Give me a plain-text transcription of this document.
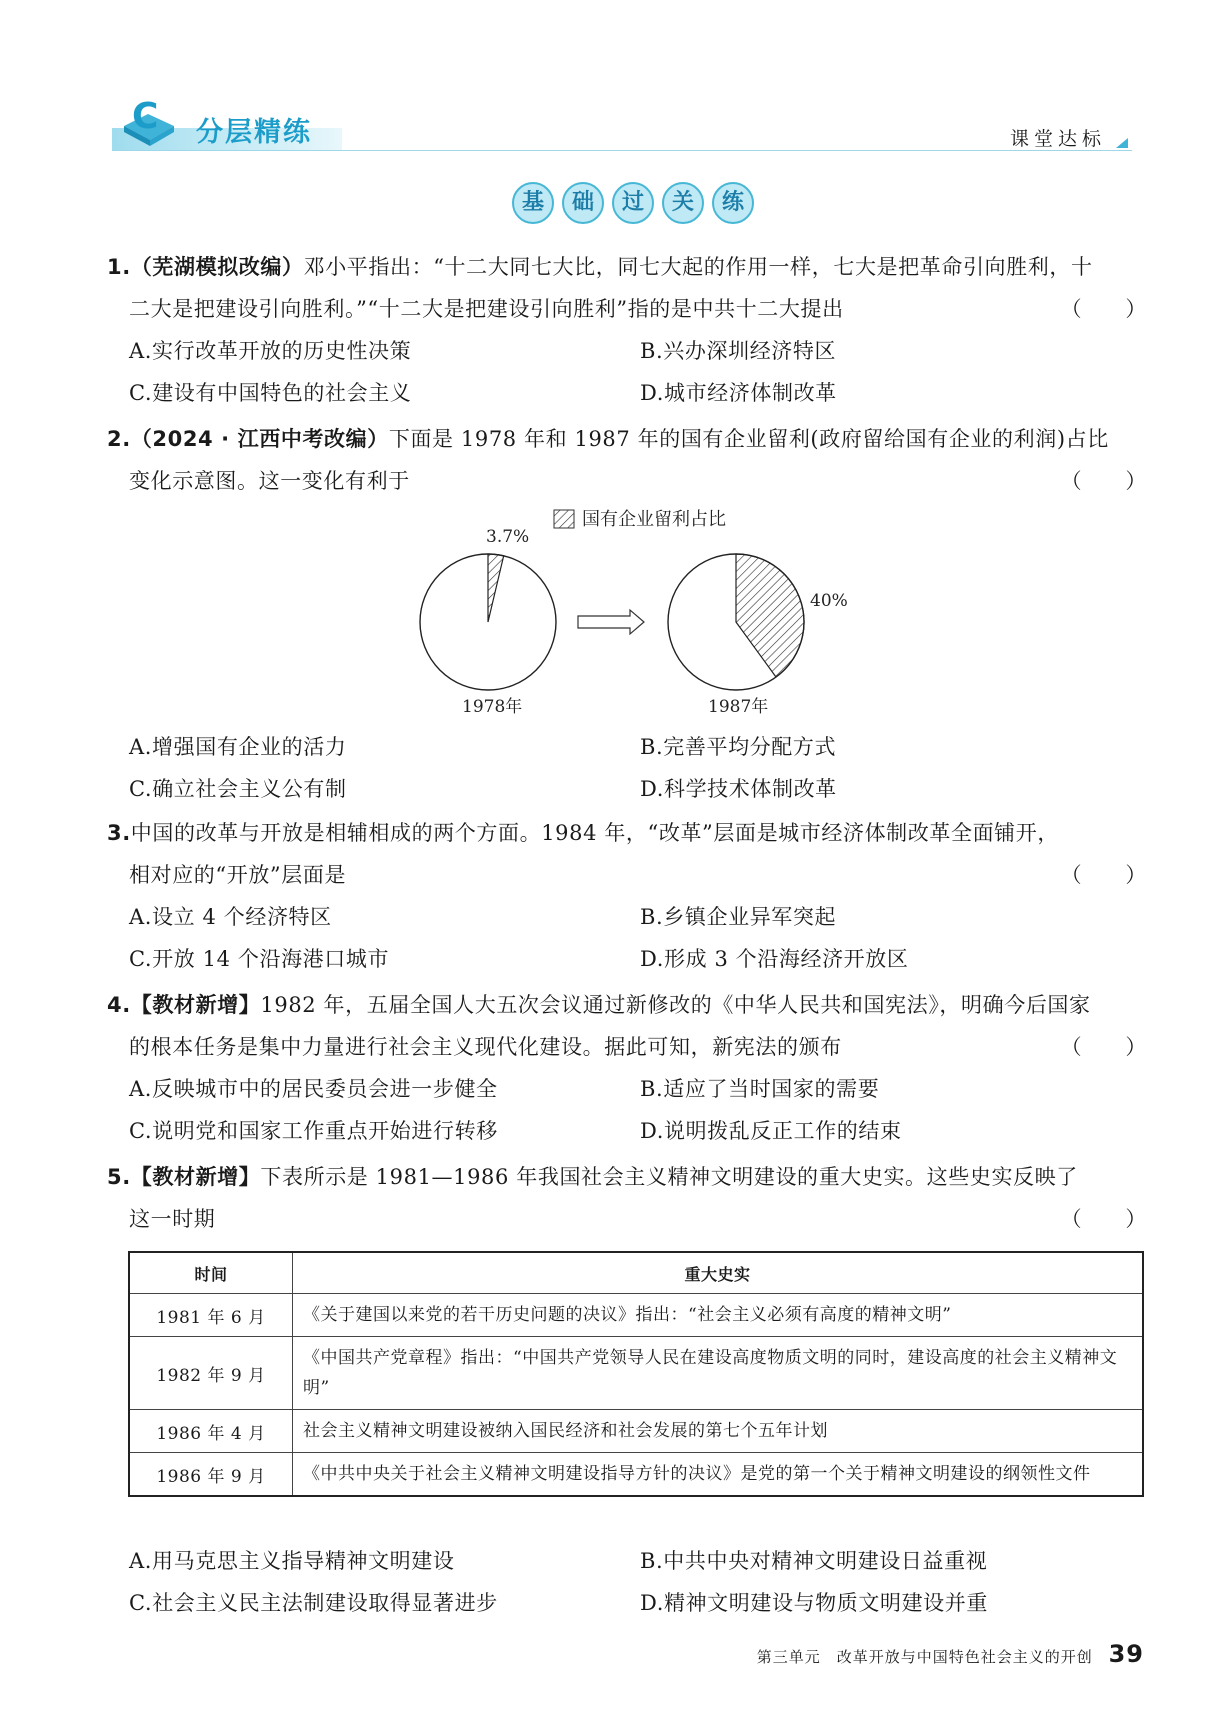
C 分层精练	课堂达标
基 础 过 关 练
1.（芜湖模拟改编）邓小平指出：“十二大同七大比，同七大起的作用一样，七大是把革命引向胜利，十
二大是把建设引向胜利。”“十二大是把建设引向胜利”指的是中共十二大提出	（　　）
A.实行改革开放的历史性决策	B.兴办深圳经济特区
C.建设有中国特色的社会主义	D.城市经济体制改革
2.（2024 · 江西中考改编）下面是 1978 年和 1987 年的国有企业留利(政府留给国有企业的利润)占比
变化示意图。这一变化有利于	（　　）
国有企业留利占比
3.7%
1978年
40%
1987年
A.增强国有企业的活力	B.完善平均分配方式
C.确立社会主义公有制	D.科学技术体制改革
3.中国的改革与开放是相辅相成的两个方面。1984 年，“改革”层面是城市经济体制改革全面铺开，
相对应的“开放”层面是	（　　）
A.设立 4 个经济特区	B.乡镇企业异军突起
C.开放 14 个沿海港口城市	D.形成 3 个沿海经济开放区
4.【教材新增】1982 年，五届全国人大五次会议通过新修改的《中华人民共和国宪法》，明确今后国家
的根本任务是集中力量进行社会主义现代化建设。据此可知，新宪法的颁布	（　　）
A.反映城市中的居民委员会进一步健全	B.适应了当时国家的需要
C.说明党和国家工作重点开始进行转移	D.说明拨乱反正工作的结束
5.【教材新增】下表所示是 1981—1986 年我国社会主义精神文明建设的重大史实。这些史实反映了
这一时期	（　　）
时间	重大史实
1981 年 6 月	《关于建国以来党的若干历史问题的决议》指出：“社会主义必须有高度的精神文明”
1982 年 9 月	《中国共产党章程》指出：“中国共产党领导人民在建设高度物质文明的同时，建设高度的社会主义精神文明”
1986 年 4 月	社会主义精神文明建设被纳入国民经济和社会发展的第七个五年计划
1986 年 9 月	《中共中央关于社会主义精神文明建设指导方针的决议》是党的第一个关于精神文明建设的纲领性文件
A.用马克思主义指导精神文明建设	B.中共中央对精神文明建设日益重视
C.社会主义民主法制建设取得显著进步	D.精神文明建设与物质文明建设并重
第三单元　改革开放与中国特色社会主义的开创 39
